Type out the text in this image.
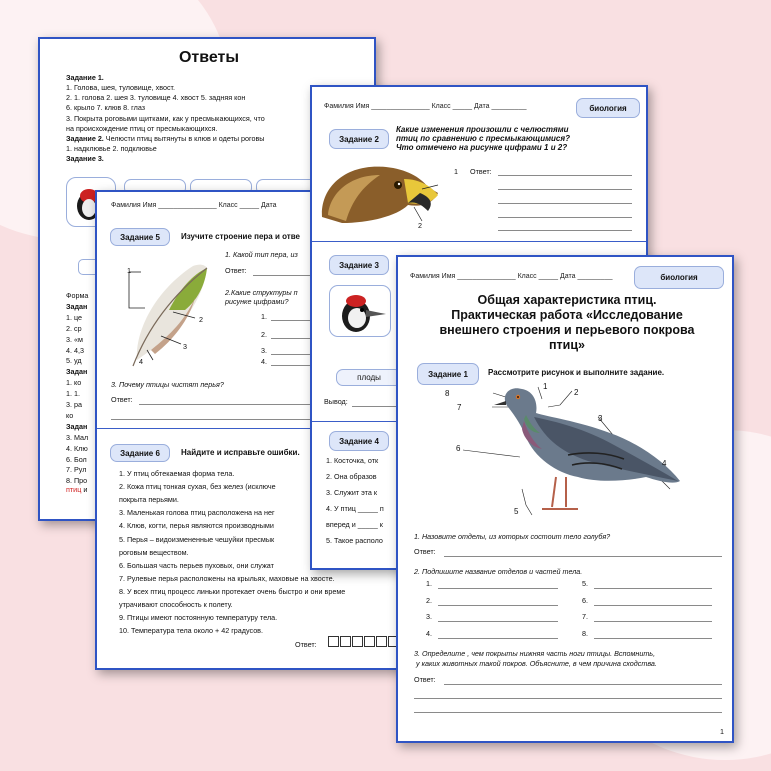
Ответы
Задание 1.
1. Голова, шея, туловище, хвост.
2. 1. голова 2. шея 3. туловище 4. хвост 5. задняя кон
6. крыло 7. клюв 8. глаз
3. Покрыта роговыми щитками, как у пресмыкающихся, что
на происхождение птиц от пресмыкающихся.
Задание 2. Челюсти птиц вытянуты в клюв и одеты роговы
1. надклювье 2. подклювье
Задание 3.
Форма
Задан
1. це
2. ср
3. «м
4. 4,3
5. уд
Задан
1. ко
1. 1.
3. ра
ко
Задан
3. Мал
4. Клю
6. Бол
7. Рул
8. Про
птиц и
Фамилия Имя _______________ Класс _____ Дата
Задание 5	Изучите строение пера и отве
1
2
3
4
1. Какой тип пера, из
Ответ:
2.Какие структуры п
рисунке цифрами?
1.
2.
3.
4.
3. Почему птицы чистят перья?
Ответ:
Задание 6	Найдите и исправьте ошибки.
1. У птиц обтекаемая форма тела.
2. Кожа птиц тонкая сухая, без желез (исключе
покрыта перьями.
3. Маленькая голова птиц расположена на нег
4. Клюв, когти, перья являются производными
5. Перья – видоизмененные чешуйки пресмык
роговым веществом.
6. Большая часть перьев пуховых, они служат
7. Рулевые перья расположены на крыльях, маховые на хвосте.
8. У всех птиц процесс линьки протекает очень быстро и они време
утрачивают способность к полету.
9. Птицы имеют постоянную температуру тела.
10. Температура тела около + 42 градусов.
Ответ:
Фамилия Имя _______________ Класс _____ Дата _________	биология
Задание 2
Какие изменения произошли с челюстями
птиц по сравнению с пресмыкающимися?
Что отмечено на рисунке цифрами 1 и 2?
1
2
Ответ:
Задание 3
плоды
Вывод:
Задание 4
1. Косточка, отк
2. Она образов
3. Служит эта к
4. У птиц _____ п
вперед и _____ к
5. Такое располо
Фамилия Имя _______________ Класс _____ Дата _________	биология
Общая характеристика птиц.
Практическая работа «Исследование
внешнего строения и перьевого покрова
птиц»
Задание 1	Рассмотрите рисунок и выполните задание.
1
2
3
4
5
6
7
8
1. Назовите отделы, из которых состоит тело голубя?
Ответ:
2. Подпишите название отделов и частей тела.
1.
2.
3.
4.
5.
6.
7.
8.
3. Определите , чем покрыты нижняя часть ноги птицы. Вспомнить,
у каких животных такой покров. Объясните, в чем причина сходства.
Ответ:
1
